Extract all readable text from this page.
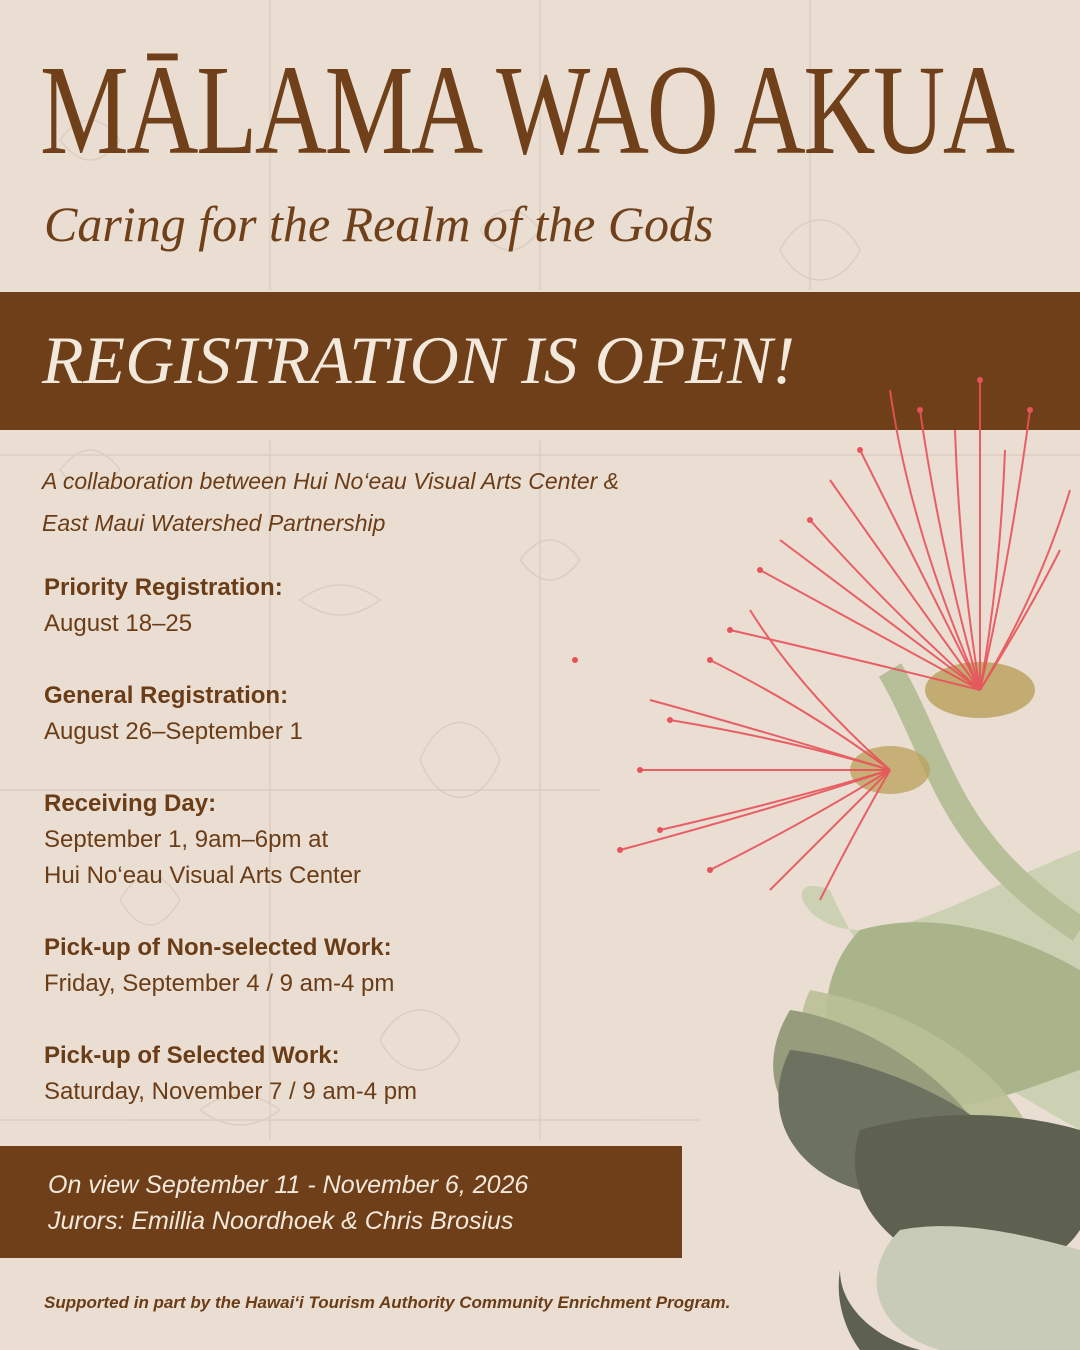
MĀLAMA WAO AKUA
Caring for the Realm of the Gods

REGISTRATION IS OPEN!

A collaboration between Hui No‘eau Visual Arts Center & East Maui Watershed Partnership

Priority Registration:
August 18–25
General Registration:
August 26–September 1
Receiving Day:
September 1, 9am–6pm at
Hui No‘eau Visual Arts Center
Pick-up of Non-selected Work:
Friday, September 4 / 9 am-4 pm
Pick-up of Selected Work:
Saturday, November 7 / 9 am-4 pm

On view September 11 - November 6, 2026

Jurors: Emillia Noordhoek & Chris Brosius

Supported in part by the Hawai‘i Tourism Authority Community Enrichment Program.
